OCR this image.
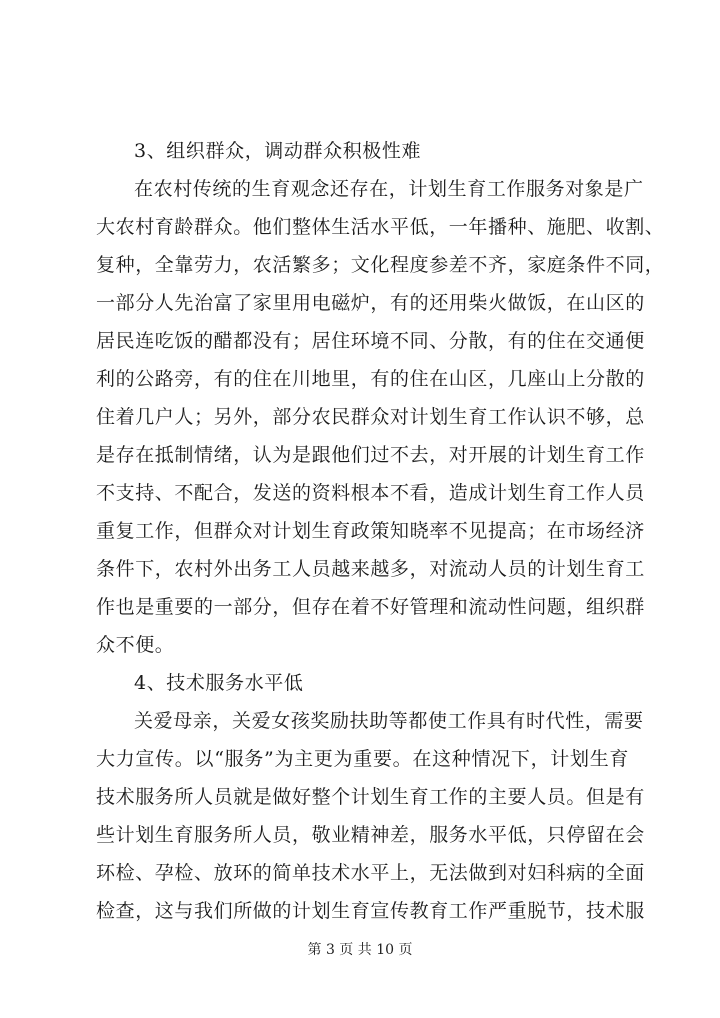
3、组织群众，调动群众积极性难
在农村传统的生育观念还存在，计划生育工作服务对象是广
大农村育龄群众。他们整体生活水平低，一年播种、施肥、收割、
复种，全靠劳力，农活繁多；文化程度参差不齐，家庭条件不同，
一部分人先治富了家里用电磁炉，有的还用柴火做饭，在山区的
居民连吃饭的醋都没有；居住环境不同、分散，有的住在交通便
利的公路旁，有的住在川地里，有的住在山区，几座山上分散的
住着几户人；另外，部分农民群众对计划生育工作认识不够，总
是存在抵制情绪，认为是跟他们过不去，对开展的计划生育工作
不支持、不配合，发送的资料根本不看，造成计划生育工作人员
重复工作，但群众对计划生育政策知晓率不见提高；在市场经济
条件下，农村外出务工人员越来越多，对流动人员的计划生育工
作也是重要的一部分，但存在着不好管理和流动性问题，组织群
众不便。
4、技术服务水平低
关爱母亲，关爱女孩奖励扶助等都使工作具有时代性，需要
大力宣传。以“服务”为主更为重要。在这种情况下，计划生育
技术服务所人员就是做好整个计划生育工作的主要人员。但是有
些计划生育服务所人员，敬业精神差，服务水平低，只停留在会
环检、孕检、放环的简单技术水平上，无法做到对妇科病的全面
检查，这与我们所做的计划生育宣传教育工作严重脱节，技术服
第 3 页 共 10 页
